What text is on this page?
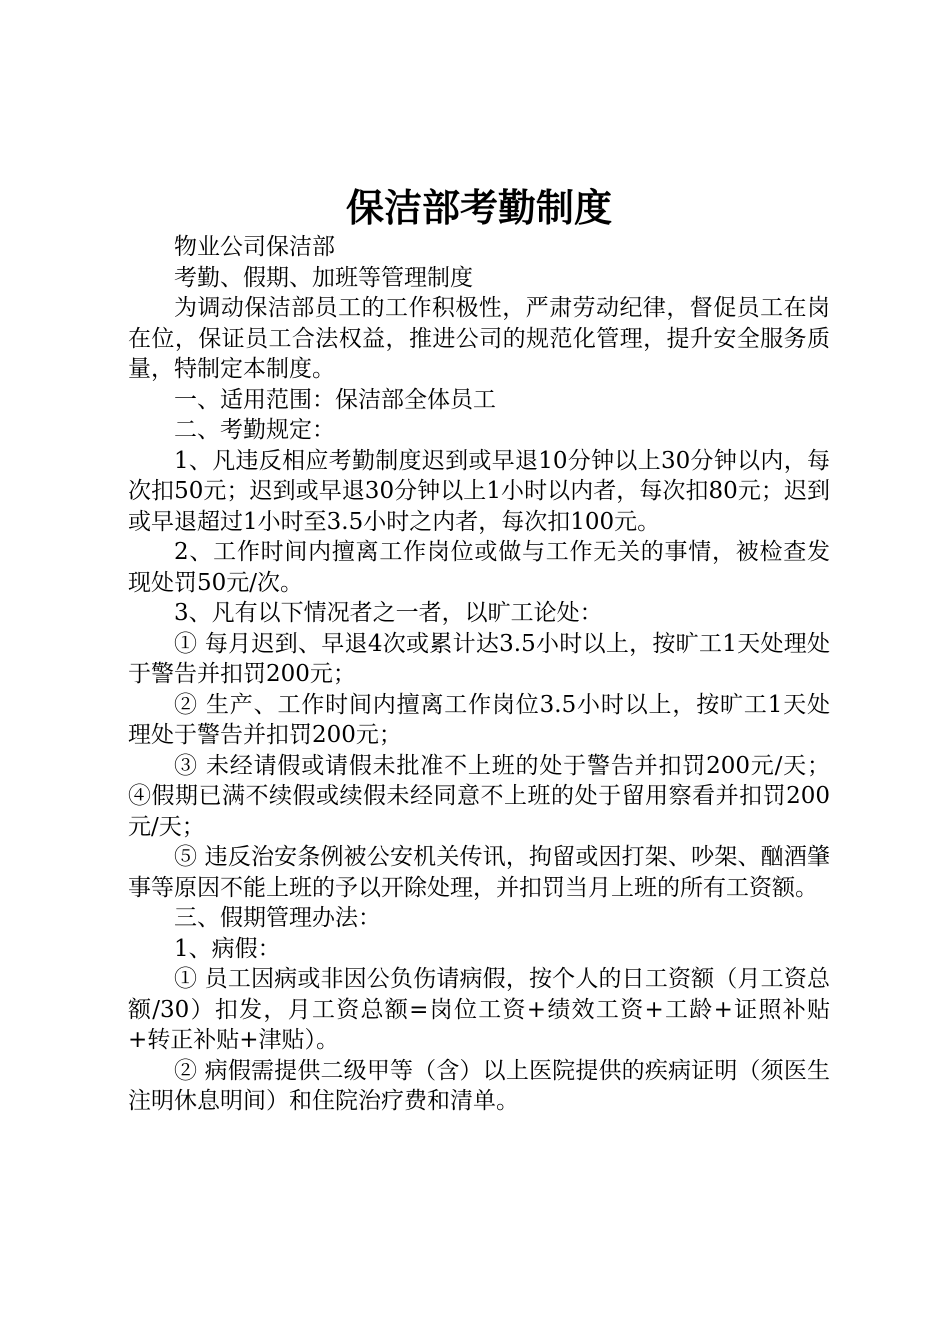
保洁部考勤制度

物业公司保洁部

考勤、假期、加班等管理制度

为调动保洁部员工的工作积极性，严肃劳动纪律，督促员工在岗在位，保证员工合法权益，推进公司的规范化管理，提升安全服务质量，特制定本制度。

一、适用范围：保洁部全体员工

二、考勤规定：

1、凡违反相应考勤制度迟到或早退10分钟以上30分钟以内，每次扣50元；迟到或早退30分钟以上1小时以内者，每次扣80元；迟到或早退超过1小时至3.5小时之内者，每次扣100元。

2、工作时间内擅离工作岗位或做与工作无关的事情，被检查发现处罚50元/次。

3、凡有以下情况者之一者，以旷工论处：

① 每月迟到、早退4次或累计达3.5小时以上，按旷工1天处理处于警告并扣罚200元；

② 生产、工作时间内擅离工作岗位3.5小时以上，按旷工1天处理处于警告并扣罚200元；

③ 未经请假或请假未批准不上班的处于警告并扣罚200元/天；④假期已满不续假或续假未经同意不上班的处于留用察看并扣罚200元/天；

⑤ 违反治安条例被公安机关传讯，拘留或因打架、吵架、酗酒肇事等原因不能上班的予以开除处理，并扣罚当月上班的所有工资额。

三、假期管理办法：

1、病假：

① 员工因病或非因公负伤请病假，按个人的日工资额（月工资总额/30）扣发，月工资总额=岗位工资+绩效工资+工龄+证照补贴+转正补贴+津贴）。

② 病假需提供二级甲等（含）以上医院提供的疾病证明（须医生注明休息明间）和住院治疗费和清单。
